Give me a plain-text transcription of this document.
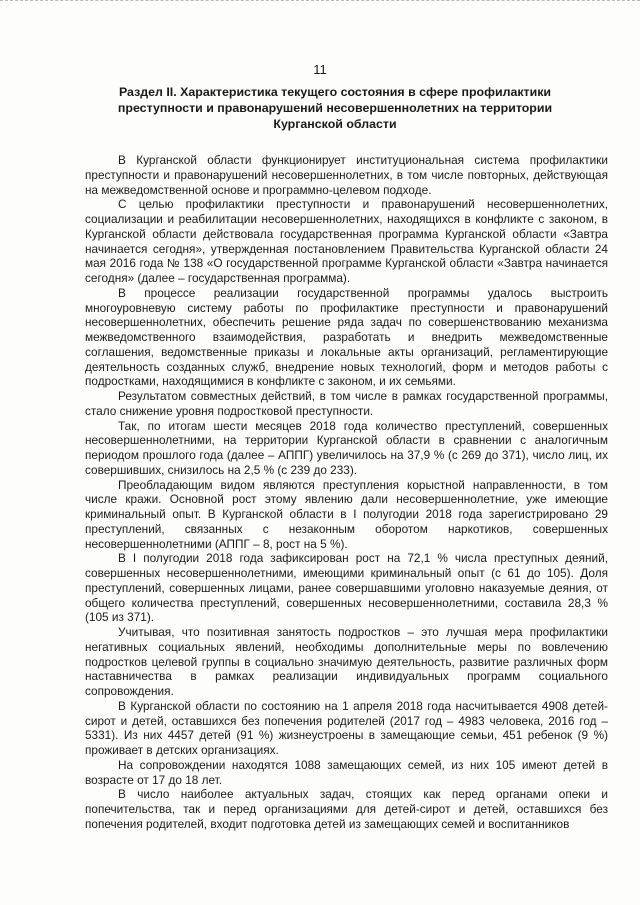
11
Раздел II. Характеристика текущего состояния в сфере профилактики преступности и правонарушений несовершеннолетних на территории Курганской области

В Курганской области функционирует институциональная система профилактики преступности и правонарушений несовершеннолетних, в том числе повторных, действующая на межведомственной основе и программно-целевом подходе.

С целью профилактики преступности и правонарушений несовершеннолетних, социализации и реабилитации несовершеннолетних, находящихся в конфликте с законом, в Курганской области действовала государственная программа Курганской области «Завтра начинается сегодня», утвержденная постановлением Правительства Курганской области 24 мая 2016 года № 138 «О государственной программе Курганской области «Завтра начинается сегодня» (далее – государственная программа).

В процессе реализации государственной программы удалось выстроить многоуровневую систему работы по профилактике преступности и правонарушений несовершеннолетних, обеспечить решение ряда задач по совершенствованию механизма межведомственного взаимодействия, разработать и внедрить межведомственные соглашения, ведомственные приказы и локальные акты организаций, регламентирующие деятельность созданных служб, внедрение новых технологий, форм и методов работы с подростками, находящимися в конфликте с законом, и их семьями.

Результатом совместных действий, в том числе в рамках государственной программы, стало снижение уровня подростковой преступности.

Так, по итогам шести месяцев 2018 года количество преступлений, совершенных несовершеннолетними, на территории Курганской области в сравнении с аналогичным периодом прошлого года (далее – АППГ) увеличилось на 37,9 % (с 269 до 371), число лиц, их совершивших, снизилось на 2,5 % (с 239 до 233).

Преобладающим видом являются преступления корыстной направленности, в том числе кражи. Основной рост этому явлению дали несовершеннолетние, уже имеющие криминальный опыт. В Курганской области в I полугодии 2018 года зарегистрировано 29 преступлений, связанных с незаконным оборотом наркотиков, совершенных несовершеннолетними (АППГ – 8, рост на 5 %).

В I полугодии 2018 года зафиксирован рост на 72,1 % числа преступных деяний, совершенных несовершеннолетними, имеющими криминальный опыт (с 61 до 105). Доля преступлений, совершенных лицами, ранее совершавшими уголовно наказуемые деяния, от общего количества преступлений, совершенных несовершеннолетними, составила 28,3 % (105 из 371).

Учитывая, что позитивная занятость подростков – это лучшая мера профилактики негативных социальных явлений, необходимы дополнительные меры по вовлечению подростков целевой группы в социально значимую деятельность, развитие различных форм наставничества в рамках реализации индивидуальных программ социального сопровождения.

В Курганской области по состоянию на 1 апреля 2018 года насчитывается 4908 детей-сирот и детей, оставшихся без попечения родителей (2017 год – 4983 человека, 2016 год – 5331). Из них 4457 детей (91 %) жизнеустроены в замещающие семьи, 451 ребенок (9 %) проживает в детских организациях.

На сопровождении находятся 1088 замещающих семей, из них 105 имеют детей в возрасте от 17 до 18 лет.

В число наиболее актуальных задач, стоящих как перед органами опеки и попечительства, так и перед организациями для детей-сирот и детей, оставшихся без попечения родителей, входит подготовка детей из замещающих семей и воспитанников
